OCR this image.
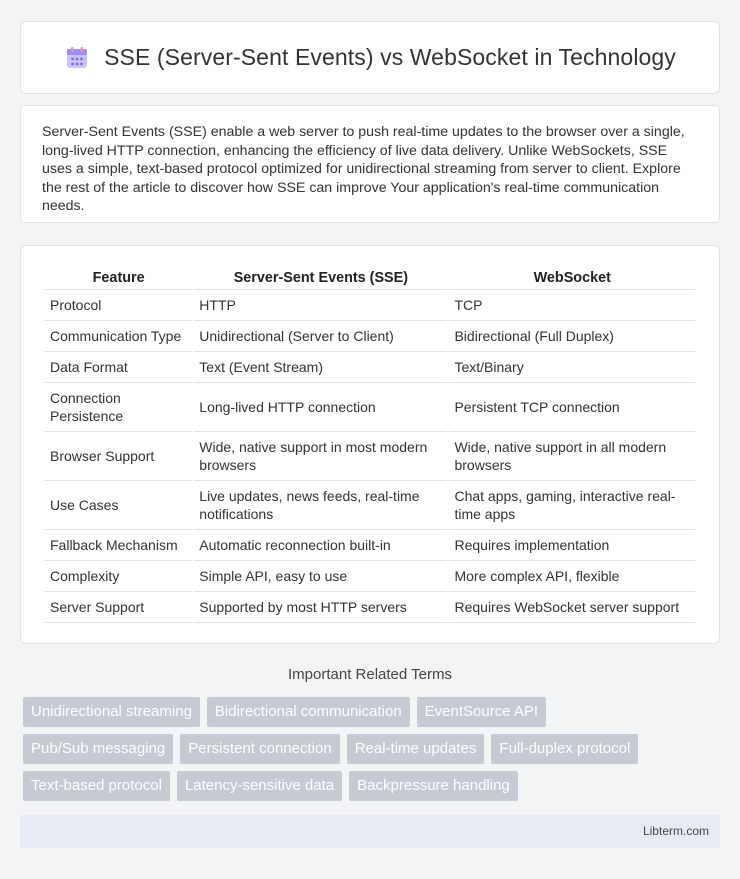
SSE (Server-Sent Events) vs WebSocket in Technology

Server-Sent Events (SSE) enable a web server to push real-time updates to the browser over a single, long-lived HTTP connection, enhancing the efficiency of live data delivery. Unlike WebSockets, SSE uses a simple, text-based protocol optimized for unidirectional streaming from server to client. Explore the rest of the article to discover how SSE can improve Your application's real-time communication needs.

Feature	Server-Sent Events (SSE)	WebSocket
Protocol	HTTP	TCP
Communication Type	Unidirectional (Server to Client)	Bidirectional (Full Duplex)
Data Format	Text (Event Stream)	Text/Binary
Connection Persistence	Long-lived HTTP connection	Persistent TCP connection
Browser Support	Wide, native support in most modern browsers	Wide, native support in all modern browsers
Use Cases	Live updates, news feeds, real-time notifications	Chat apps, gaming, interactive real-time apps
Fallback Mechanism	Automatic reconnection built-in	Requires implementation
Complexity	Simple API, easy to use	More complex API, flexible
Server Support	Supported by most HTTP servers	Requires WebSocket server support
Important Related Terms
Unidirectional streaming	Bidirectional communication	EventSource API
Pub/Sub messaging	Persistent connection	Real-time updates	Full-duplex protocol
Text-based protocol	Latency-sensitive data	Backpressure handling
Libterm.com
